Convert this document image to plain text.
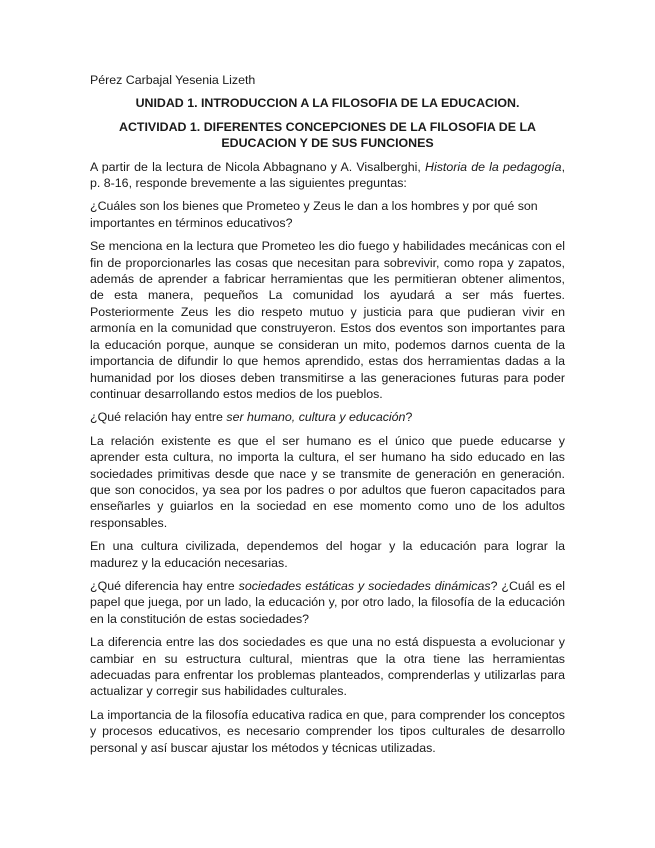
Pérez Carbajal Yesenia Lizeth

UNIDAD 1. INTRODUCCION A LA FILOSOFIA DE LA EDUCACION.

ACTIVIDAD 1. DIFERENTES CONCEPCIONES DE LA FILOSOFIA DE LA EDUCACION Y DE SUS FUNCIONES

A partir de la lectura de Nicola Abbagnano y A. Visalberghi, Historia de la pedagogía, p. 8-16, responde brevemente a las siguientes preguntas:

¿Cuáles son los bienes que Prometeo y Zeus le dan a los hombres y por qué son importantes en términos educativos?

Se menciona en la lectura que Prometeo les dio fuego y habilidades mecánicas con el fin de proporcionarles las cosas que necesitan para sobrevivir, como ropa y zapatos, además de aprender a fabricar herramientas que les permitieran obtener alimentos, de esta manera, pequeños La comunidad los ayudará a ser más fuertes. Posteriormente Zeus les dio respeto mutuo y justicia para que pudieran vivir en armonía en la comunidad que construyeron. Estos dos eventos son importantes para la educación porque, aunque se consideran un mito, podemos darnos cuenta de la importancia de difundir lo que hemos aprendido, estas dos herramientas dadas a la humanidad por los dioses deben transmitirse a las generaciones futuras para poder continuar desarrollando estos medios de los pueblos.

¿Qué relación hay entre ser humano, cultura y educación?

La relación existente es que el ser humano es el único que puede educarse y aprender esta cultura, no importa la cultura, el ser humano ha sido educado en las sociedades primitivas desde que nace y se transmite de generación en generación. que son conocidos, ya sea por los padres o por adultos que fueron capacitados para enseñarles y guiarlos en la sociedad en ese momento como uno de los adultos responsables.

En una cultura civilizada, dependemos del hogar y la educación para lograr la madurez y la educación necesarias.

¿Qué diferencia hay entre sociedades estáticas y sociedades dinámicas? ¿Cuál es el papel que juega, por un lado, la educación y, por otro lado, la filosofía de la educación en la constitución de estas sociedades?

La diferencia entre las dos sociedades es que una no está dispuesta a evolucionar y cambiar en su estructura cultural, mientras que la otra tiene las herramientas adecuadas para enfrentar los problemas planteados, comprenderlas y utilizarlas para actualizar y corregir sus habilidades culturales.

La importancia de la filosofía educativa radica en que, para comprender los conceptos y procesos educativos, es necesario comprender los tipos culturales de desarrollo personal y así buscar ajustar los métodos y técnicas utilizadas.
